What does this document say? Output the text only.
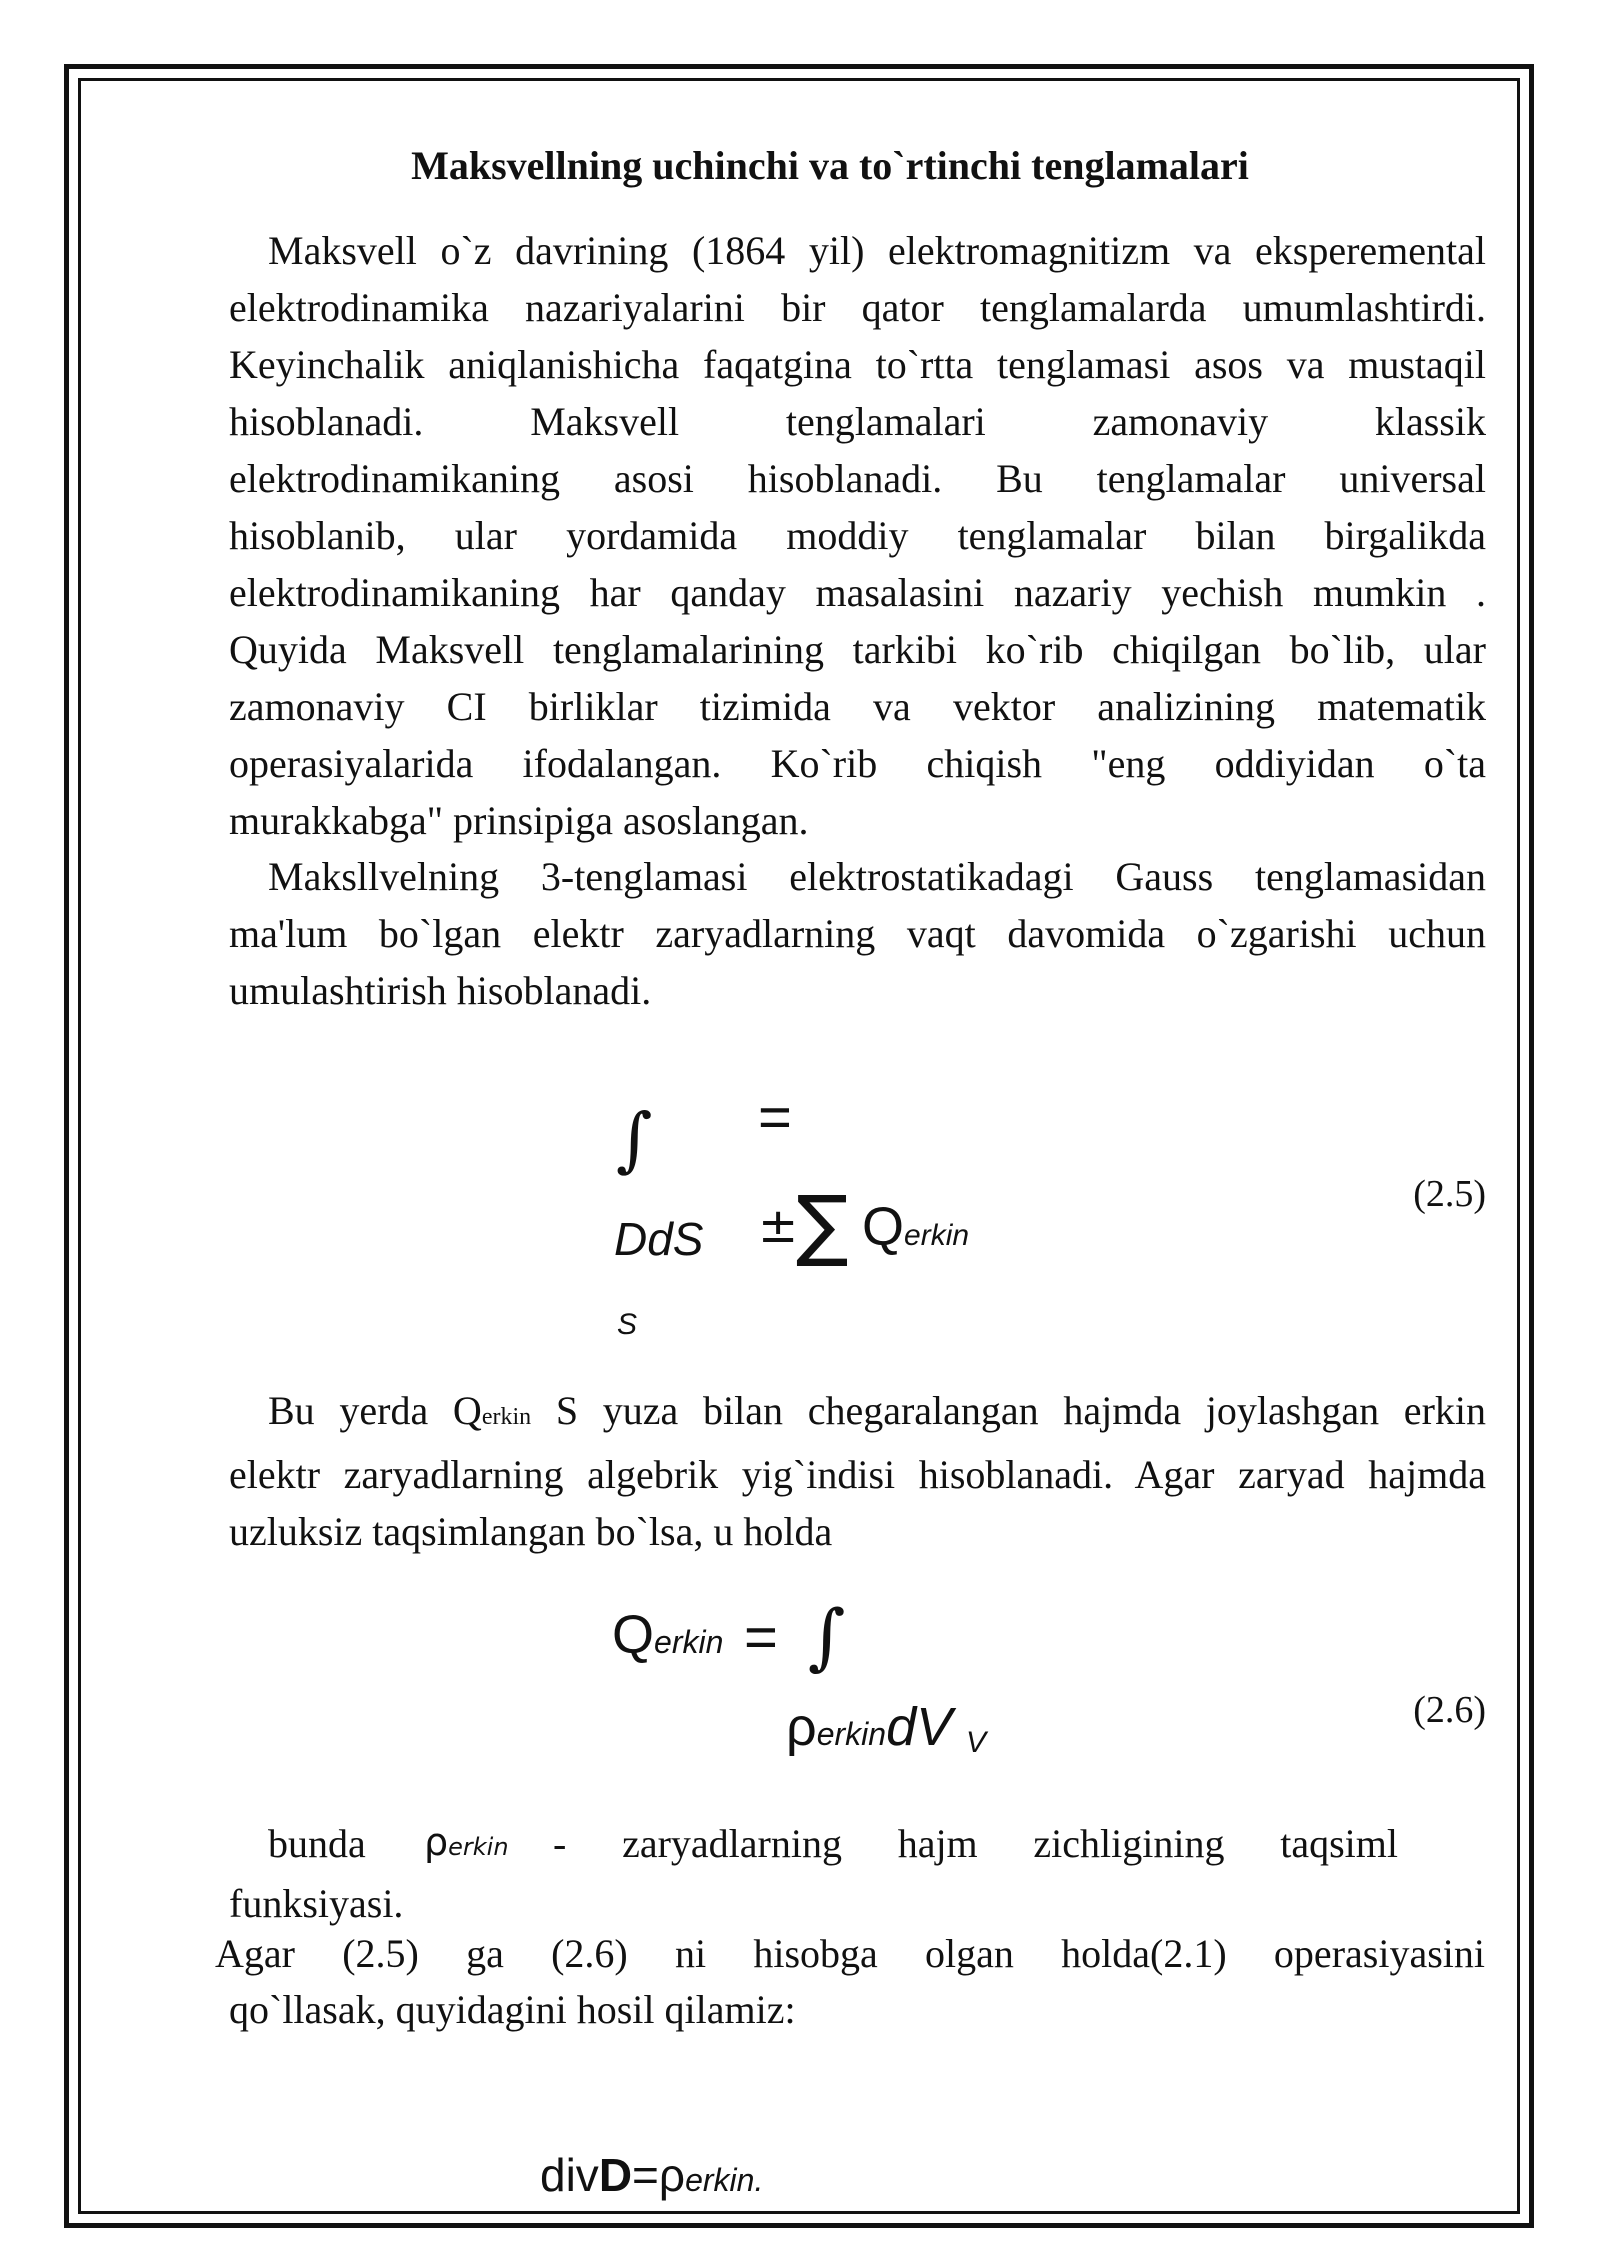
Maksvellning uchinchi va to`rtinchi tenglamalari
Maksvell o`z davrining (1864 yil) elektromagnitizm va eksperemental
elektrodinamika nazariyalarini bir qator tenglamalarda umumlashtirdi.
Keyinchalik aniqlanishicha faqatgina to`rtta tenglamasi asos va mustaqil
hisoblanadi. Maksvell tenglamalari zamonaviy klassik
elektrodinamikaning asosi hisoblanadi. Bu tenglamalar universal
hisoblanib, ular yordamida moddiy tenglamalar bilan birgalikda
elektrodinamikaning har qanday masalasini nazariy yechish mumkin .
Quyida Maksvell tenglamalarining tarkibi ko`rib chiqilgan bo`lib, ular
zamonaviy CI birliklar tizimida va vektor analizining matematik
operasiyalarida ifodalangan. Ko`rib chiqish "eng oddiyidan o`ta
murakkabga" prinsipiga asoslangan.
Maksllvelning 3-tenglamasi elektrostatikadagi Gauss tenglamasidan
ma'lum bo`lgan elektr zaryadlarning vaqt davomida o`zgarishi uchun
umulashtirish hisoblanadi.
∫ =
DdS
S
±
∑ Qerkin
(2.5)
Bu yerda Qerkin S yuza bilan chegaralangan hajmda joylashgan erkin
elektr zaryadlarning algebrik yig`indisi hisoblanadi. Agar zaryad hajmda
uzluksiz taqsimlangan bo`lsa, u holda
Qerkin = ∫
ρerkindV V
(2.6)
bunda ρerkin - zaryadlarning hajm zichligining taqsiml
funksiyasi.
Agar (2.5) ga (2.6) ni hisobga olgan holda(2.1) operasiyasini
qo`llasak, quyidagini hosil qilamiz:
divD=ρerkin.
